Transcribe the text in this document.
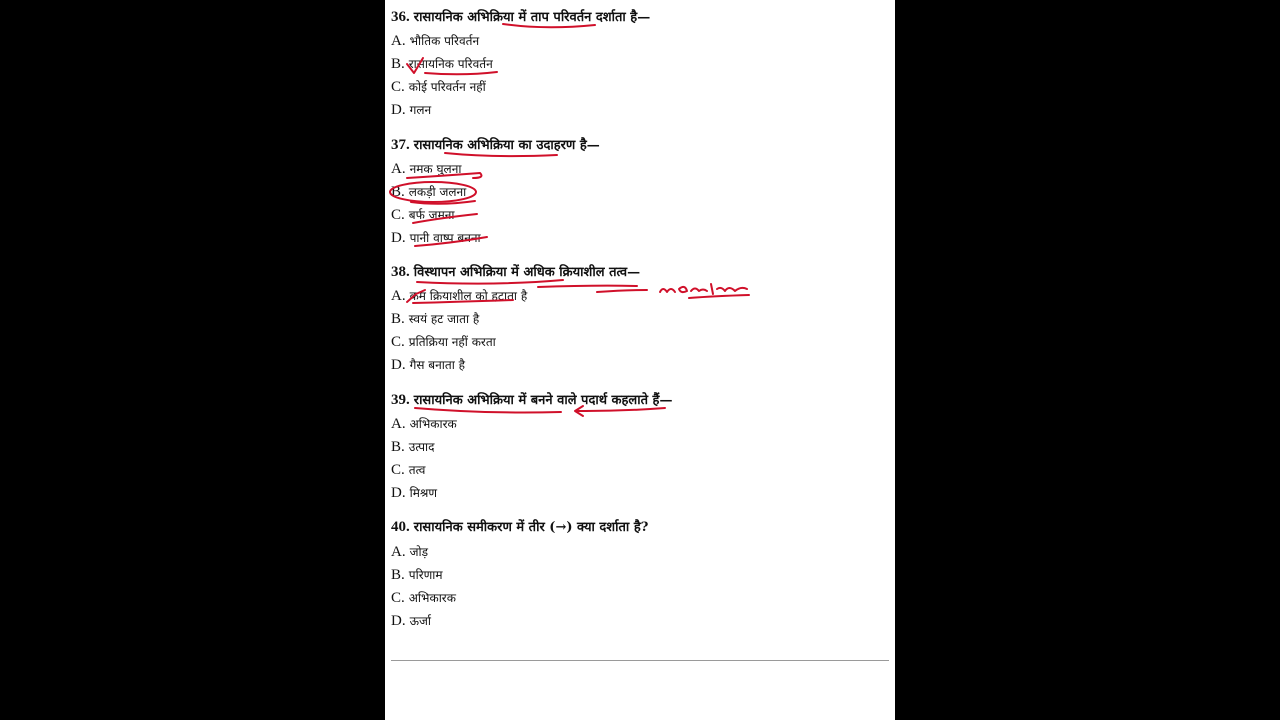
36. रासायनिक अभिक्रिया में ताप परिवर्तन दर्शाता है—
A. भौतिक परिवर्तन
B. रासायनिक परिवर्तन
C. कोई परिवर्तन नहीं
D. गलन
37. रासायनिक अभिक्रिया का उदाहरण है—
A. नमक घुलना
B. लकड़ी जलना
C. बर्फ जमना
D. पानी वाष्प बनना
38. विस्थापन अभिक्रिया में अधिक क्रियाशील तत्व—
A. कम क्रियाशील को हटाता है
B. स्वयं हट जाता है
C. प्रतिक्रिया नहीं करता
D. गैस बनाता है
39. रासायनिक अभिक्रिया में बनने वाले पदार्थ कहलाते हैं—
A. अभिकारक
B. उत्पाद
C. तत्व
D. मिश्रण
40. रासायनिक समीकरण में तीर (→) क्या दर्शाता है?
A. जोड़
B. परिणाम
C. अभिकारक
D. ऊर्जा
